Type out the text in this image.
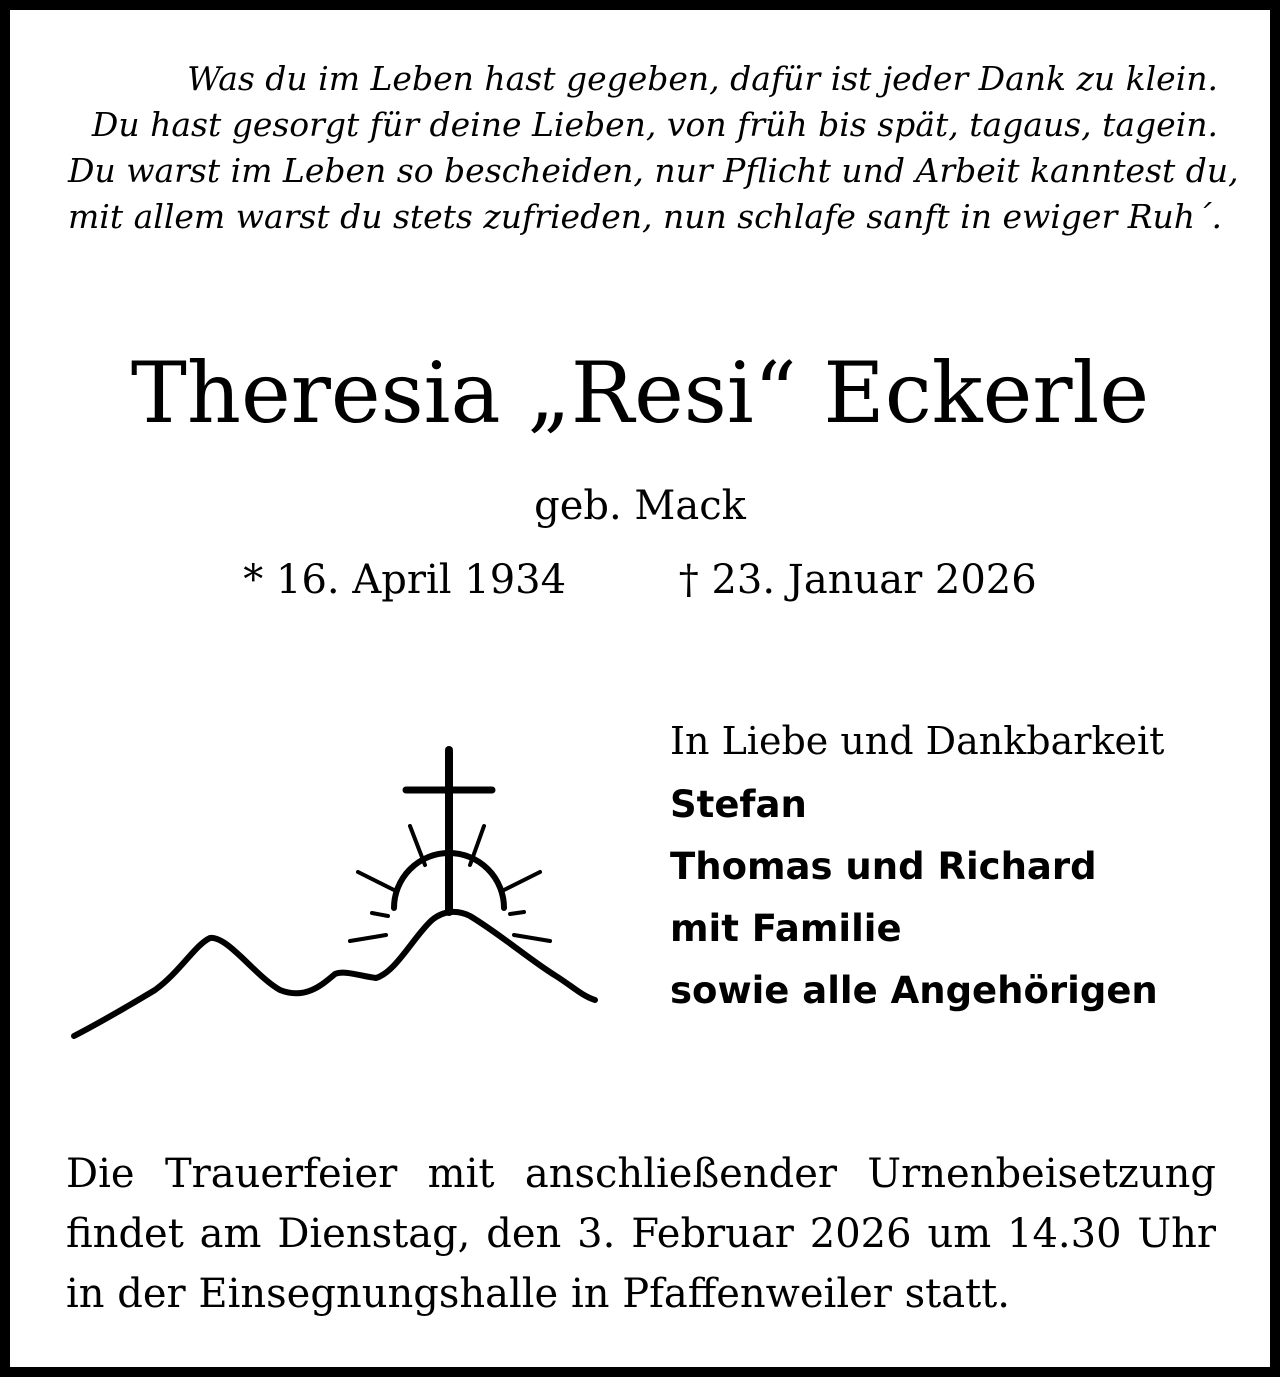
Was du im Leben hast gegeben, dafür ist jeder Dank zu klein.
Du hast gesorgt für deine Lieben, von früh bis spät, tagaus, tagein.
Du warst im Leben so bescheiden, nur Pflicht und Arbeit kanntest du,
mit allem warst du stets zufrieden, nun schlafe sanft in ewiger Ruh´.
Theresia „Resi“ Eckerle
geb. Mack
* 16. April 1934	† 23. Januar 2026
In Liebe und Dankbarkeit
Stefan
Thomas und Richard
mit Familie
sowie alle Angehörigen
Die Trauerfeier mit anschließender Urnenbeisetzung
findet am Dienstag, den 3. Februar 2026 um 14.30 Uhr
in der Einsegnungshalle in Pfaffenweiler statt.
